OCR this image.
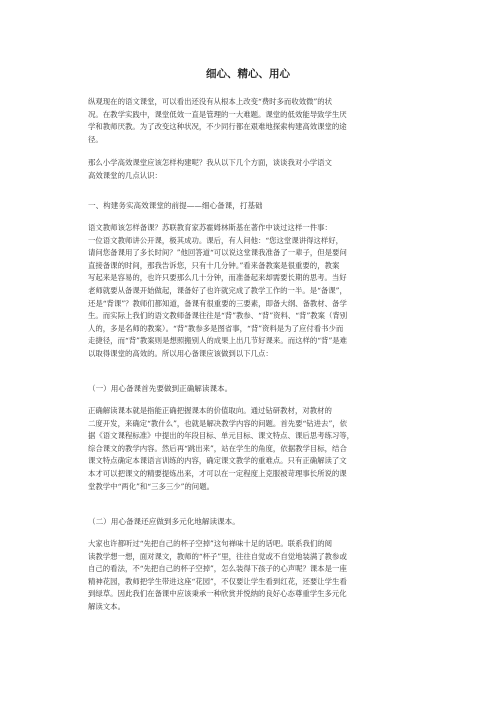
细心、精心、用心

纵观现在的语文课堂，可以看出还没有从根本上改变“费时多而收效微”的状
况。在教学实践中，课堂低效一直是管理的一大难题。课堂的低效能导致学生厌
学和教师厌教。为了改变这种状况，不少同行都在艰难地探索构建高效课堂的途
径。

那么小学高效课堂应该怎样构建呢？我从以下几个方面，谈谈我对小学语文
高效课堂的几点认识：

一、构建务实高效课堂的前提——细心备课，打基础

语文教师该怎样备课？苏联教育家苏霍姆林斯基在著作中谈过这样一件事：
一位语文教师讲公开课，极其成功。课后，有人问他：“您这堂课讲得这样好，
请问您备课用了多长时间？”他回答道“可以说这堂课我准备了一辈子，但是要问
直接备课的时间，那我告诉您，只有十几分钟。”看来备教案是很重要的，教案
写起来是容易的，也许只要那么几十分钟，而准备起来却需要长期的思考。当好
老师就要从备课开始做起，课备好了也许就完成了教学工作的一半。是“备课”，
还是“背课”？教师们都知道，备课有很重要的三要素，即备大纲、备教材、备学
生。而实际上我们的语文教师备课往往是“背”教参、“背”资料、“背”教案（背别
人的，多是名师的教案）。“背”教参多是图省事，“背”资料是为了应付看书少而
走捷径，而“背”教案则是想照搬别人的成果上出几节好课来。而这样的“背”是难
以取得课堂的高效的。所以用心备课应该做到以下几点：

（一）用心备课首先要做到正确解读课本。

正确解读课本就是指能正确把握课本的价值取向。通过钻研教材，对教材的
二度开发，来确定“教什么”，也就是解决教学内容的问题。首先要“钻进去”，依
据《语文课程标准》中提出的年段目标、单元目标、课文特点、课后思考练习等，
综合课文的教学内容。然后再“跳出来”，站在学生的角度，依据教学目标，结合
课文特点确定本课语言训练的内容，确定课文教学的重难点。只有正确解读了文
本才可以把课文的精要提炼出来，才可以在一定程度上克服被苛理事长所说的课
堂教学中“两化”和“三多三少”的问题。

（二）用心备课还应做到多元化地解读课本。

大家也许都听过“先把自己的杯子空掉”这句禅味十足的话吧。联系我们的阅
读教学想一想，面对课文，教师的“杯子”里，往往自觉或不自觉地装满了教参或
自己的看法，不“先把自己的杯子空掉”，怎么装得下孩子的心声呢？课本是一座
精神花园，教师把学生带进这座“花园”，不仅要让学生看到红花，还要让学生看
到绿草。因此我们在备课中应该秉承一种欣赏并悦纳的良好心态尊重学生多元化
解读文本。
